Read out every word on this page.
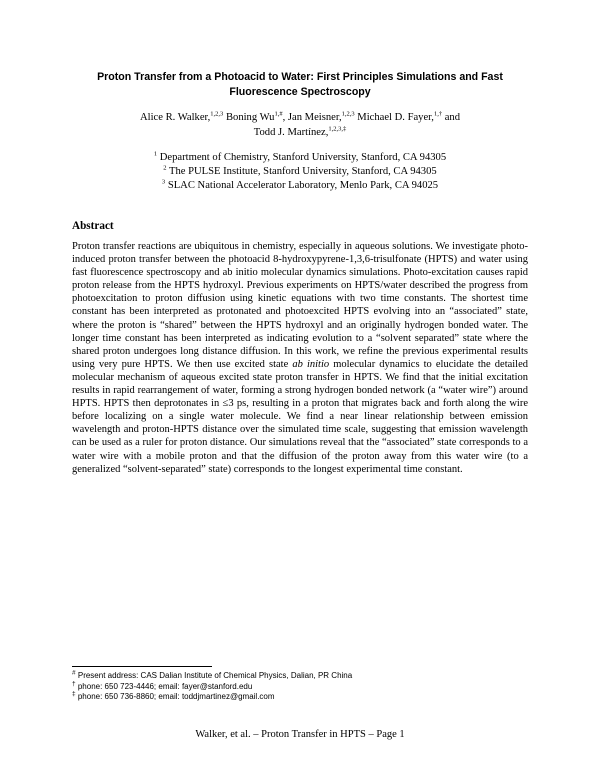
Proton Transfer from a Photoacid to Water: First Principles Simulations and Fast Fluorescence Spectroscopy
Alice R. Walker,$^{1,2,3}$ Boning $Wu^{1,\#}$, Jan Meisner,$^{1,2,3}$ Michael D. Fayer,$^{1,\dagger}$ and
Todd J. Martínez,$^{1,2,3,\ddagger}$
$^1$ Department of Chemistry, Stanford University, Stanford, CA 94305
$^2$ The PULSE Institute, Stanford University, Stanford, CA 94305
$^3$ SLAC National Accelerator Laboratory, Menlo Park, CA 94025
Abstract
Proton transfer reactions are ubiquitous in chemistry, especially in aqueous solutions. We investigate photo-induced proton transfer between the photoacid 8-hydroxypyrene-1,3,6-trisulfonate (HPTS) and water using fast fluorescence spectroscopy and ab initio molecular dynamics simulations. Photo-excitation causes rapid proton release from the HPTS hydroxyl. Previous experiments on HPTS/water described the progress from photoexcitation to proton diffusion using kinetic equations with two time constants. The shortest time constant has been interpreted as protonated and photoexcited HPTS evolving into an “associated” state, where the proton is “shared” between the HPTS hydroxyl and an originally hydrogen bonded water. The longer time constant has been interpreted as indicating evolution to a “solvent separated” state where the shared proton undergoes long distance diffusion. In this work, we refine the previous experimental results using very pure HPTS. We then use excited state ab initio molecular dynamics to elucidate the detailed molecular mechanism of aqueous excited state proton transfer in HPTS. We find that the initial excitation results in rapid rearrangement of water, forming a strong hydrogen bonded network (a “water wire”) around HPTS. HPTS then deprotonates in ≤3 ps, resulting in a proton that migrates back and forth along the wire before localizing on a single water molecule. We find a near linear relationship between emission wavelength and proton-HPTS distance over the simulated time scale, suggesting that emission wavelength can be used as a ruler for proton distance. Our simulations reveal that the “associated” state corresponds to a water wire with a mobile proton and that the diffusion of the proton away from this water wire (to a generalized “solvent-separated” state) corresponds to the longest experimental time constant.
# Present address: CAS Dalian Institute of Chemical Physics, Dalian, PR China
† phone: 650 723-4446; email: fayer@stanford.edu
‡ phone: 650 736-8860; email: toddjmartinez@gmail.com
Walker, et al. – Proton Transfer in HPTS – Page 1
